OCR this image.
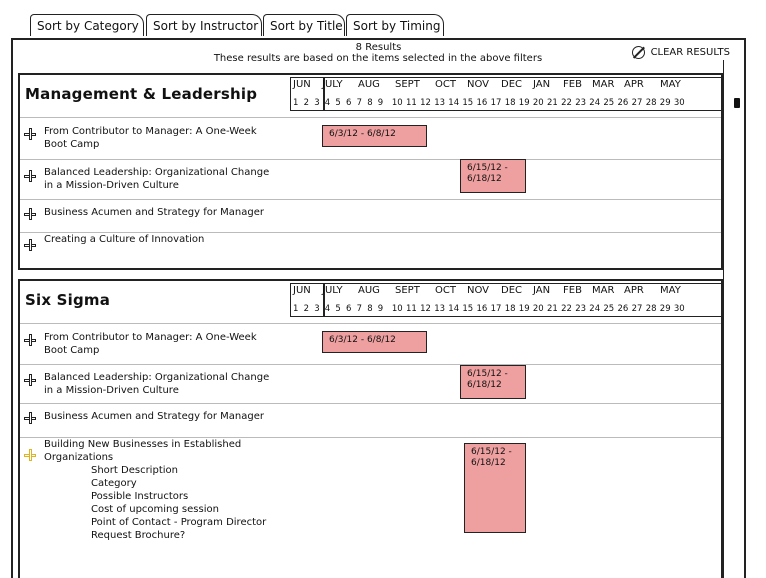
Sort by Category	Sort by Instructor Sort by Title Sort by Timing
8 Results
These results are based on the items selected in the above filters
CLEAR RESULTS
Management & Leadership
JUN JULY AUG SEPT OCT NOV DEC JAN FEB MAR APR MAY
1 2 3 4 5 6 7 8 9 10 11 12 13 14 15 16 17 18 19 20 21 22 23 24 25 26 27 28 29 30
From Contributor to Manager: A One-Week Boot Camp
6/3/12 - 6/8/12
Balanced Leadership: Organizational Change in a Mission-Driven Culture
6/15/12 - 6/18/12
Business Acumen and Strategy for Manager
Creating a Culture of Innovation
Six Sigma
JUN JULY AUG SEPT OCT NOV DEC JAN FEB MAR APR MAY
1 2 3 4 5 6 7 8 9 10 11 12 13 14 15 16 17 18 19 20 21 22 23 24 25 26 27 28 29 30
From Contributor to Manager: A One-Week Boot Camp
6/3/12 - 6/8/12
Balanced Leadership: Organizational Change in a Mission-Driven Culture
6/15/12 - 6/18/12
Business Acumen and Strategy for Manager
Building New Businesses in Established Organizations
Short Description
Category
Possible Instructors
Cost of upcoming session
Point of Contact - Program Director
Request Brochure?
6/15/12 - 6/18/12
